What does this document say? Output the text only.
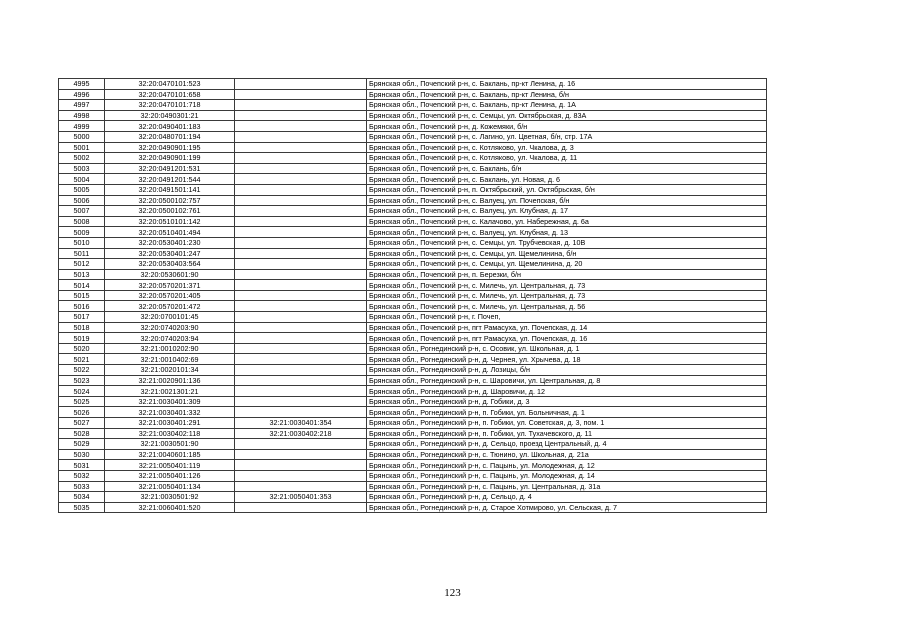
4995	32:20:0470101:523		Брянская обл., Почепский р-н, с. Баклань, пр-кт Ленина, д. 16
4996	32:20:0470101:658		Брянская обл., Почепский р-н, с. Баклань, пр-кт Ленина, б/н
4997	32:20:0470101:718		Брянская обл., Почепский р-н, с. Баклань, пр-кт Ленина, д. 1А
4998	32:20:0490301:21		Брянская обл., Почепский р-н, с. Семцы, ул. Октябрьская, д. 83А
4999	32:20:0490401:183		Брянская обл., Почепский р-н, д. Кожемяки, б/н
5000	32:20:0480701:194		Брянская обл., Почепский р-н, с. Лагино, ул. Цветная, б/н, стр. 17А
5001	32:20:0490901:195		Брянская обл., Почепский р-н, с. Котляково, ул. Чкалова, д. 3
5002	32:20:0490901:199		Брянская обл., Почепский р-н, с. Котляково, ул. Чкалова, д. 11
5003	32:20:0491201:531		Брянская обл., Почепский р-н, с. Баклань, б/н
5004	32:20:0491201:544		Брянская обл., Почепский р-н, с. Баклань, ул. Новая, д. 6
5005	32:20:0491501:141		Брянская обл., Почепский р-н, п. Октябрьский, ул. Октябрьская, б/н
5006	32:20:0500102:757		Брянская обл., Почепский р-н, с. Валуец, ул. Почепская, б/н
5007	32:20:0500102:761		Брянская обл., Почепский р-н, с. Валуец, ул. Клубная, д. 17
5008	32:20:0510101:142		Брянская обл., Почепский р-н, с. Калачово, ул. Набережная, д. 6а
5009	32:20:0510401:494		Брянская обл., Почепский р-н, с. Валуец, ул. Клубная, д. 13
5010	32:20:0530401:230		Брянская обл., Почепский р-н, с. Семцы, ул. Трубчевская, д. 10В
5011	32:20:0530401:247		Брянская обл., Почепский р-н, с. Семцы, ул. Щемелинина, б/н
5012	32:20:0530403:564		Брянская обл., Почепский р-н, с. Семцы, ул. Щемелинина, д. 20
5013	32:20:0530601:90		Брянская обл., Почепский р-н, п. Березки, б/н
5014	32:20:0570201:371		Брянская обл., Почепский р-н, с. Милечь, ул. Центральная, д. 73
5015	32:20:0570201:405		Брянская обл., Почепский р-н, с. Милечь, ул. Центральная, д. 73
5016	32:20:0570201:472		Брянская обл., Почепский р-н, с. Милечь, ул. Центральная, д. 56
5017	32:20:0700101:45		Брянская обл., Почепский р-н, г. Почеп,
5018	32:20:0740203:90		Брянская обл., Почепский р-н, пгт Рамасуха, ул. Почепская, д. 14
5019	32:20:0740203:94		Брянская обл., Почепский р-н, пгт Рамасуха, ул. Почепская, д. 16
5020	32:21:0010202:90		Брянская обл., Рогнединский р-н, с. Осовик, ул. Школьная, д. 1
5021	32:21:0010402:69		Брянская обл., Рогнединский р-н, д. Чернея, ул. Хрычева, д. 18
5022	32:21:0020101:34		Брянская обл., Рогнединский р-н, д. Лозицы, б/н
5023	32:21:0020901:136		Брянская обл., Рогнединский р-н, с. Шаровичи, ул. Центральная, д. 8
5024	32:21:0021301:21		Брянская обл., Рогнединский р-н, д. Шаровичи, д. 12
5025	32:21:0030401:309		Брянская обл., Рогнединский р-н, д. Гобики, д. 3
5026	32:21:0030401:332		Брянская обл., Рогнединский р-н, п. Гобики, ул. Больничная, д. 1
5027	32:21:0030401:291	32:21:0030401:354	Брянская обл., Рогнединский р-н, п. Гобики, ул. Советская, д. 3, пом. 1
5028	32:21:0030402:118	32:21:0030402:218	Брянская обл., Рогнединский р-н, п. Гобики, ул. Тухачевского, д. 11
5029	32:21:0030501:90		Брянская обл., Рогнединский р-н, д. Сельцо, проезд Центральный, д. 4
5030	32:21:0040601:185		Брянская обл., Рогнединский р-н, с. Тюнино, ул. Школьная, д. 21а
5031	32:21:0050401:119		Брянская обл., Рогнединский р-н, с. Пацынь, ул. Молодежная, д. 12
5032	32:21:0050401:126		Брянская обл., Рогнединский р-н, с. Пацынь, ул. Молодежная, д. 14
5033	32:21:0050401:134		Брянская обл., Рогнединский р-н, с. Пацынь, ул. Центральная, д. 31а
5034	32:21:0030501:92	32:21:0050401:353	Брянская обл., Рогнединский р-н, д. Сельцо, д. 4
5035	32:21:0060401:520		Брянская обл., Рогнединский р-н, д. Старое Хотмирово, ул. Сельская, д. 7
123
